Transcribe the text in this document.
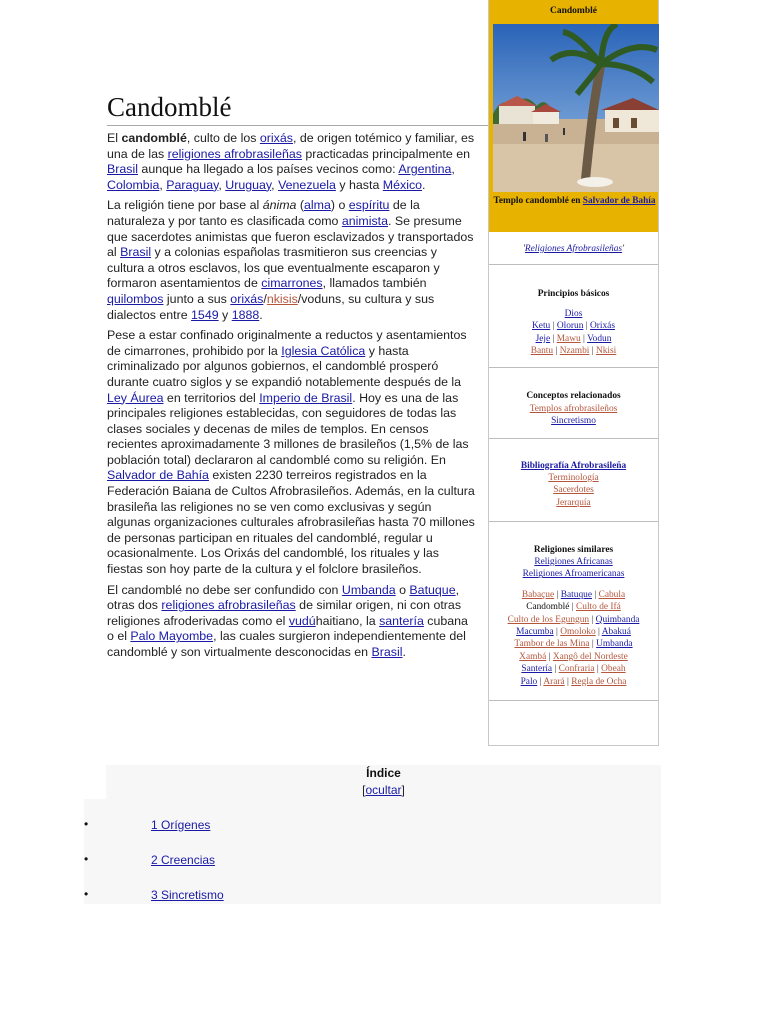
Candomblé

El candomblé, culto de los orixás, de origen totémico y familiar, es una de las religiones afrobrasileñas practicadas principalmente en Brasil aunque ha llegado a los países vecinos como: Argentina, Colombia, Paraguay, Uruguay, Venezuela y hasta México.

La religión tiene por base al ánima (alma) o espíritu de la naturaleza y por tanto es clasificada como animista. Se presume que sacerdotes animistas que fueron esclavizados y transportados al Brasil y a colonias españolas trasmitieron sus creencias y cultura a otros esclavos, los que eventualmente escaparon y formaron asentamientos de cimarrones, llamados también quilombos junto a sus orixás/nkisis/voduns, su cultura y sus dialectos entre 1549 y 1888.

Pese a estar confinado originalmente a reductos y asentamientos de cimarrones, prohibido por la Iglesia Católica y hasta criminalizado por algunos gobiernos, el candomblé prosperó durante cuatro siglos y se expandió notablemente después de la Ley Áurea en territorios del Imperio de Brasil. Hoy es una de las principales religiones establecidas, con seguidores de todas las clases sociales y decenas de miles de templos. En censos recientes aproximadamente 3 millones de brasileños (1,5% de las población total) declararon al candomblé como su religión. En Salvador de Bahía existen 2230 terreiros registrados en la Federación Baiana de Cultos Afrobrasileños. Además, en la cultura brasileña las religiones no se ven como exclusivas y según algunas organizaciones culturales afrobrasileñas hasta 70 millones de personas participan en rituales del candomblé, regular u ocasionalmente. Los Orixás del candomblé, los rituales y las fiestas son hoy parte de la cultura y el folclore brasileños.

El candomblé no debe ser confundido con Umbanda o Batuque, otras dos religiones afrobrasileñas de similar origen, ni con otras religiones afroderivadas como el vudúhaitiano, la santería cubana o el Palo Mayombe, las cuales surgieron independientemente del candomblé y son virtualmente desconocidas en Brasil.

Candomblé
Templo candomblé en Salvador de Bahía
'Religiones Afrobrasileñas'
Principios básicos
Dios
Ketu | Olorun | Orixás
Jeje | Mawu | Vodun
Bantu | Nzambi | Nkisi
Conceptos relacionados
Templos afrobrasileños
Sincretismo
Bibliografía Afrobrasileña
Terminología
Sacerdotes
Jerarquía
Religiones similares
Religiones Africanas
Religiones Afroamericanas
Babaçue | Batuque | Cabula
Candomblé | Culto de Ifá
Culto de los Egungun | Quimbanda
Macumba | Omoloko | Abakuá
Tambor de las Mina | Umbanda
Xambá | Xangô del Nordeste
Santería | Confraria | Obeah
Palo | Arará | Regla de Ocha
Índice
[ocultar]
•	1 Orígenes
•	2 Creencias
•	3 Sincretismo
